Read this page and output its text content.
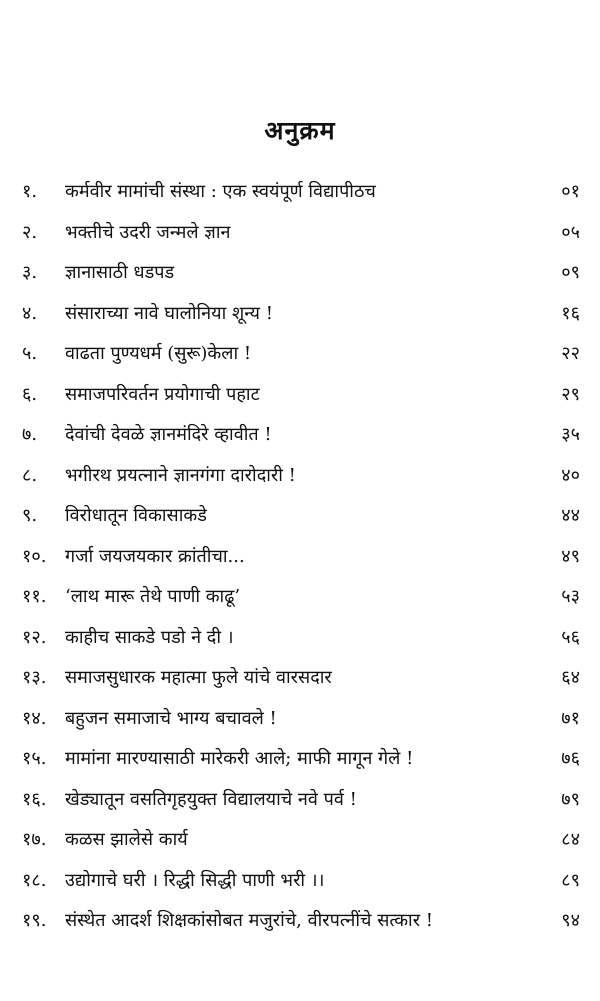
अनुक्रम
१.	कर्मवीर मामांची संस्था : एक स्वयंपूर्ण विद्यापीठच	०१
२.	भक्तीचे उदरी जन्मले ज्ञान	०५
३.	ज्ञानासाठी धडपड	०९
४.	संसाराच्या नावे घालोनिया शून्य !	१६
५.	वाढता पुण्यधर्म (सुरू)केला !	२२
६.	समाजपरिवर्तन प्रयोगाची पहाट	२९
७.	देवांची देवळे ज्ञानमंदिरे व्हावीत !	३५
८.	भगीरथ प्रयत्नाने ज्ञानगंगा दारोदारी !	४०
९.	विरोधातून विकासाकडे	४४
१०.	गर्जा जयजयकार क्रांतीचा...	४९
११.	‘लाथ मारू तेथे पाणी काढू’	५३
१२.	काहीच साकडे पडो ने दी ।	५६
१३.	समाजसुधारक महात्मा फुले यांचे वारसदार	६४
१४.	बहुजन समाजाचे भाग्य बचावले !	७१
१५.	मामांना मारण्यासाठी मारेकरी आले; माफी मागून गेले !	७६
१६.	खेड्यातून वसतिगृहयुक्त विद्यालयाचे नवे पर्व !	७९
१७.	कळस झालेसे कार्य	८४
१८.	उद्योगाचे घरी । रिद्धी सिद्धी पाणी भरी ।।	८९
१९.	संस्थेत आदर्श शिक्षकांसोबत मजुरांचे, वीरपत्नींचे सत्कार !	९४
